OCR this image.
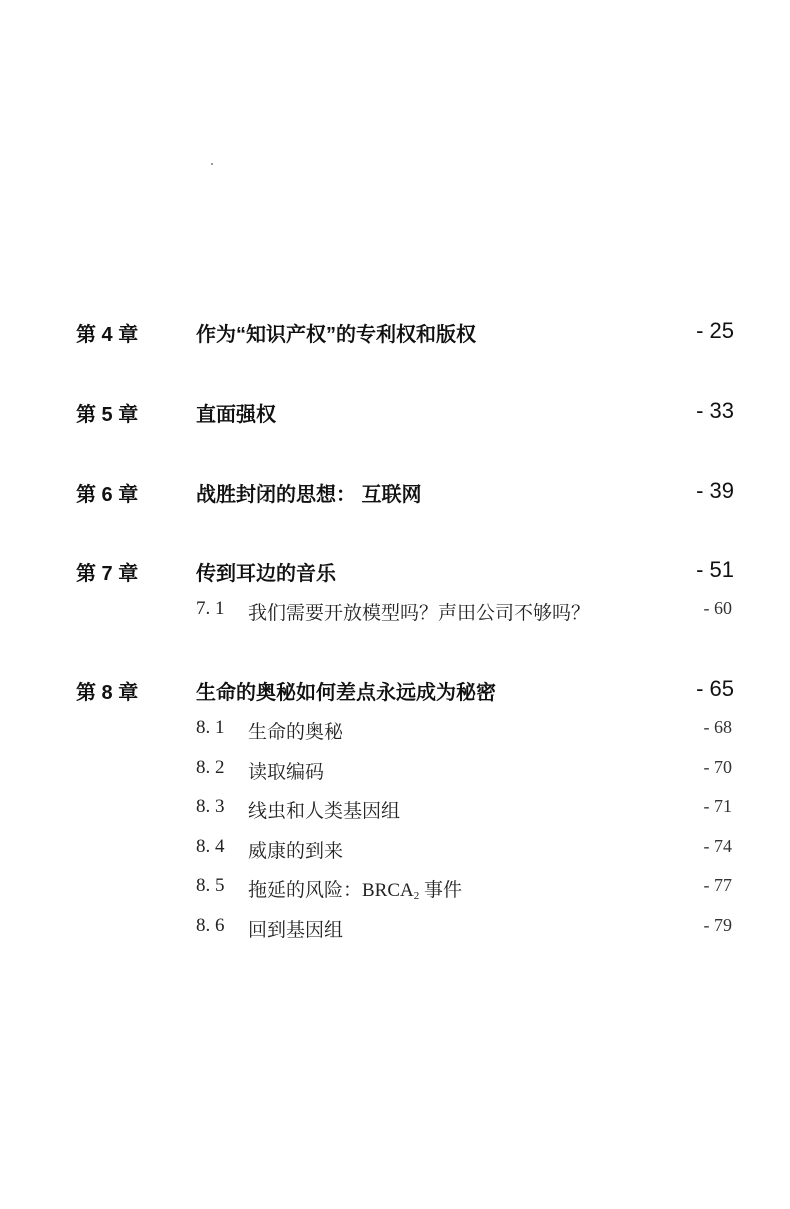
第 4 章	作为“知识产权”的专利权和版权	- 25
第 5 章	直面强权	- 33
第 6 章	战胜封闭的思想： 互联网	- 39
第 7 章	传到耳边的音乐	- 51
7. 1 我们需要开放模型吗？声田公司不够吗？	- 60
第 8 章	生命的奥秘如何差点永远成为秘密	- 65
8. 1 生命的奥秘	- 68
8. 2 读取编码	- 70
8. 3 线虫和人类基因组	- 71
8. 4 威康的到来	- 74
8. 5 拖延的风险：$BRCA_2$ 事件	- 77
8. 6 回到基因组	- 79
